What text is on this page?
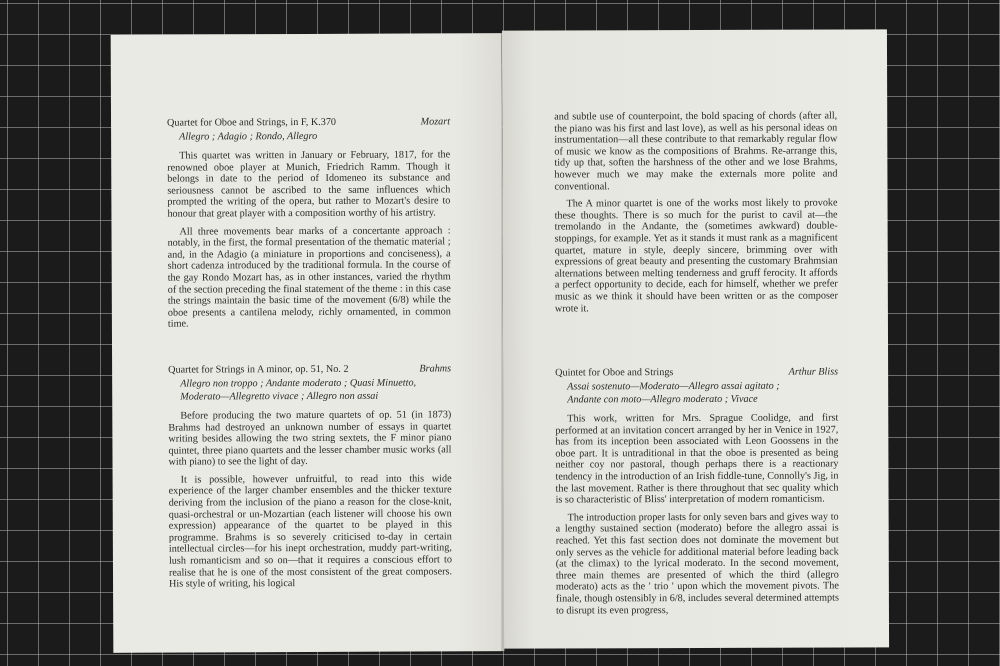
Quartet for Oboe and Strings, in F, K.370	Mozart
Allegro ; Adagio ; Rondo, Allegro

This quartet was written in January or February, 1817, for the renowned oboe player at Munich, Friedrich Ramm. Though it belongs in date to the period of Idomeneo its substance and seriousness cannot be ascribed to the same influences which prompted the writing of the opera, but rather to Mozart's desire to honour that great player with a composition worthy of his artistry.

All three movements bear marks of a concertante approach : notably, in the first, the formal presentation of the thematic material ; and, in the Adagio (a miniature in proportions and conciseness), a short cadenza introduced by the traditional formula. In the course of the gay Rondo Mozart has, as in other instances, varied the rhythm of the section preceding the final statement of the theme : in this case the strings maintain the basic time of the movement (6/8) while the oboe presents a cantilena melody, richly ornamented, in common time.

Quartet for Strings in A minor, op. 51, No. 2	Brahms
Allegro non troppo ; Andante moderato ; Quasi Minuetto,
Moderato—Allegretto vivace ; Allegro non assai

Before producing the two mature quartets of op. 51 (in 1873) Brahms had destroyed an unknown number of essays in quartet writing besides allowing the two string sextets, the F minor piano quintet, three piano quartets and the lesser chamber music works (all with piano) to see the light of day.

It is possible, however unfruitful, to read into this wide experience of the larger chamber ensembles and the thicker texture deriving from the inclusion of the piano a reason for the close-knit, quasi-orchestral or un-Mozartian (each listener will choose his own expression) appearance of the quartet to be played in this programme. Brahms is so severely criticised to-day in certain intellectual circles—for his inept orchestration, muddy part-writing, lush romanticism and so on—that it requires a conscious effort to realise that he is one of the most consistent of the great composers. His style of writing, his logical

and subtle use of counterpoint, the bold spacing of chords (after all, the piano was his first and last love), as well as his personal ideas on instrumentation—all these contribute to that remarkably regular flow of music we know as the compositions of Brahms. Re-arrange this, tidy up that, soften the harshness of the other and we lose Brahms, however much we may make the externals more polite and conventional.

The A minor quartet is one of the works most likely to provoke these thoughts. There is so much for the purist to cavil at—the tremolando in the Andante, the (sometimes awkward) double-stoppings, for example. Yet as it stands it must rank as a magnificent quartet, mature in style, deeply sincere, brimming over with expressions of great beauty and presenting the customary Brahmsian alternations between melting tenderness and gruff ferocity. It affords a perfect opportunity to decide, each for himself, whether we prefer music as we think it should have been written or as the composer wrote it.

Quintet for Oboe and Strings	Arthur Bliss
Assai sostenuto—Moderato—Allegro assai agitato ;
Andante con moto—Allegro moderato ; Vivace

This work, written for Mrs. Sprague Coolidge, and first performed at an invitation concert arranged by her in Venice in 1927, has from its inception been associated with Leon Goossens in the oboe part. It is untraditional in that the oboe is presented as being neither coy nor pastoral, though perhaps there is a reactionary tendency in the introduction of an Irish fiddle-tune, Connolly's Jig, in the last movement. Rather is there throughout that sec quality which is so characteristic of Bliss' interpretation of modern romanticism.

The introduction proper lasts for only seven bars and gives way to a lengthy sustained section (moderato) before the allegro assai is reached. Yet this fast section does not dominate the movement but only serves as the vehicle for additional material before leading back (at the climax) to the lyrical moderato. In the second movement, three main themes are presented of which the third (allegro moderato) acts as the ' trio ' upon which the movement pivots. The finale, though ostensibly in 6/8, includes several determined attempts to disrupt its even progress,
